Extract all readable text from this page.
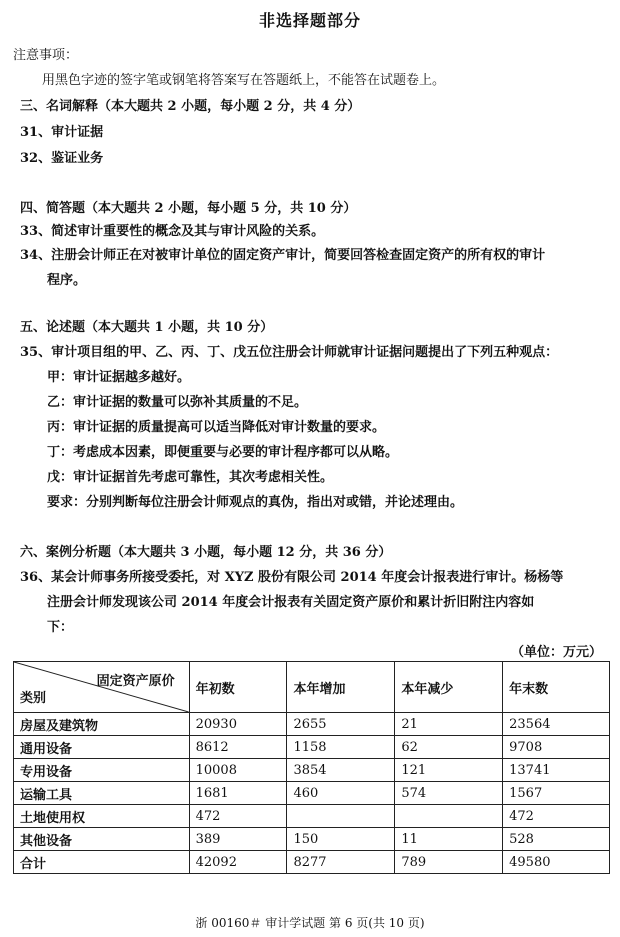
非选择题部分
注意事项：
用黑色字迹的签字笔或钢笔将答案写在答题纸上，不能答在试题卷上。
三、名词解释（本大题共 2 小题，每小题 2 分，共 4 分）
31、审计证据
32、鉴证业务
四、简答题（本大题共 2 小题，每小题 5 分，共 10 分）
33、简述审计重要性的概念及其与审计风险的关系。
34、注册会计师正在对被审计单位的固定资产审计，简要回答检查固定资产的所有权的审计
程序。
五、论述题（本大题共 1 小题，共 10 分）
35、审计项目组的甲、乙、丙、丁、戊五位注册会计师就审计证据问题提出了下列五种观点：
甲：审计证据越多越好。
乙：审计证据的数量可以弥补其质量的不足。
丙：审计证据的质量提高可以适当降低对审计数量的要求。
丁：考虑成本因素，即便重要与必要的审计程序都可以从略。
戊：审计证据首先考虑可靠性，其次考虑相关性。
要求：分别判断每位注册会计师观点的真伪，指出对或错，并论述理由。
六、案例分析题（本大题共 3 小题，每小题 12 分，共 36 分）
36、某会计师事务所接受委托，对 XYZ 股份有限公司 2014 年度会计报表进行审计。杨杨等
注册会计师发现该公司 2014 年度会计报表有关固定资产原价和累计折旧附注内容如
下：
（单位：万元）
固定资产原价
类别	年初数	本年增加	本年减少	年末数
房屋及建筑物	20930	2655	21	23564
通用设备	8612	1158	62	9708
专用设备	10008	3854	121	13741
运输工具	1681	460	574	1567
土地使用权	472			472
其他设备	389	150	11	528
合计	42092	8277	789	49580
浙 00160＃ 审计学试题 第 6 页(共 10 页)
